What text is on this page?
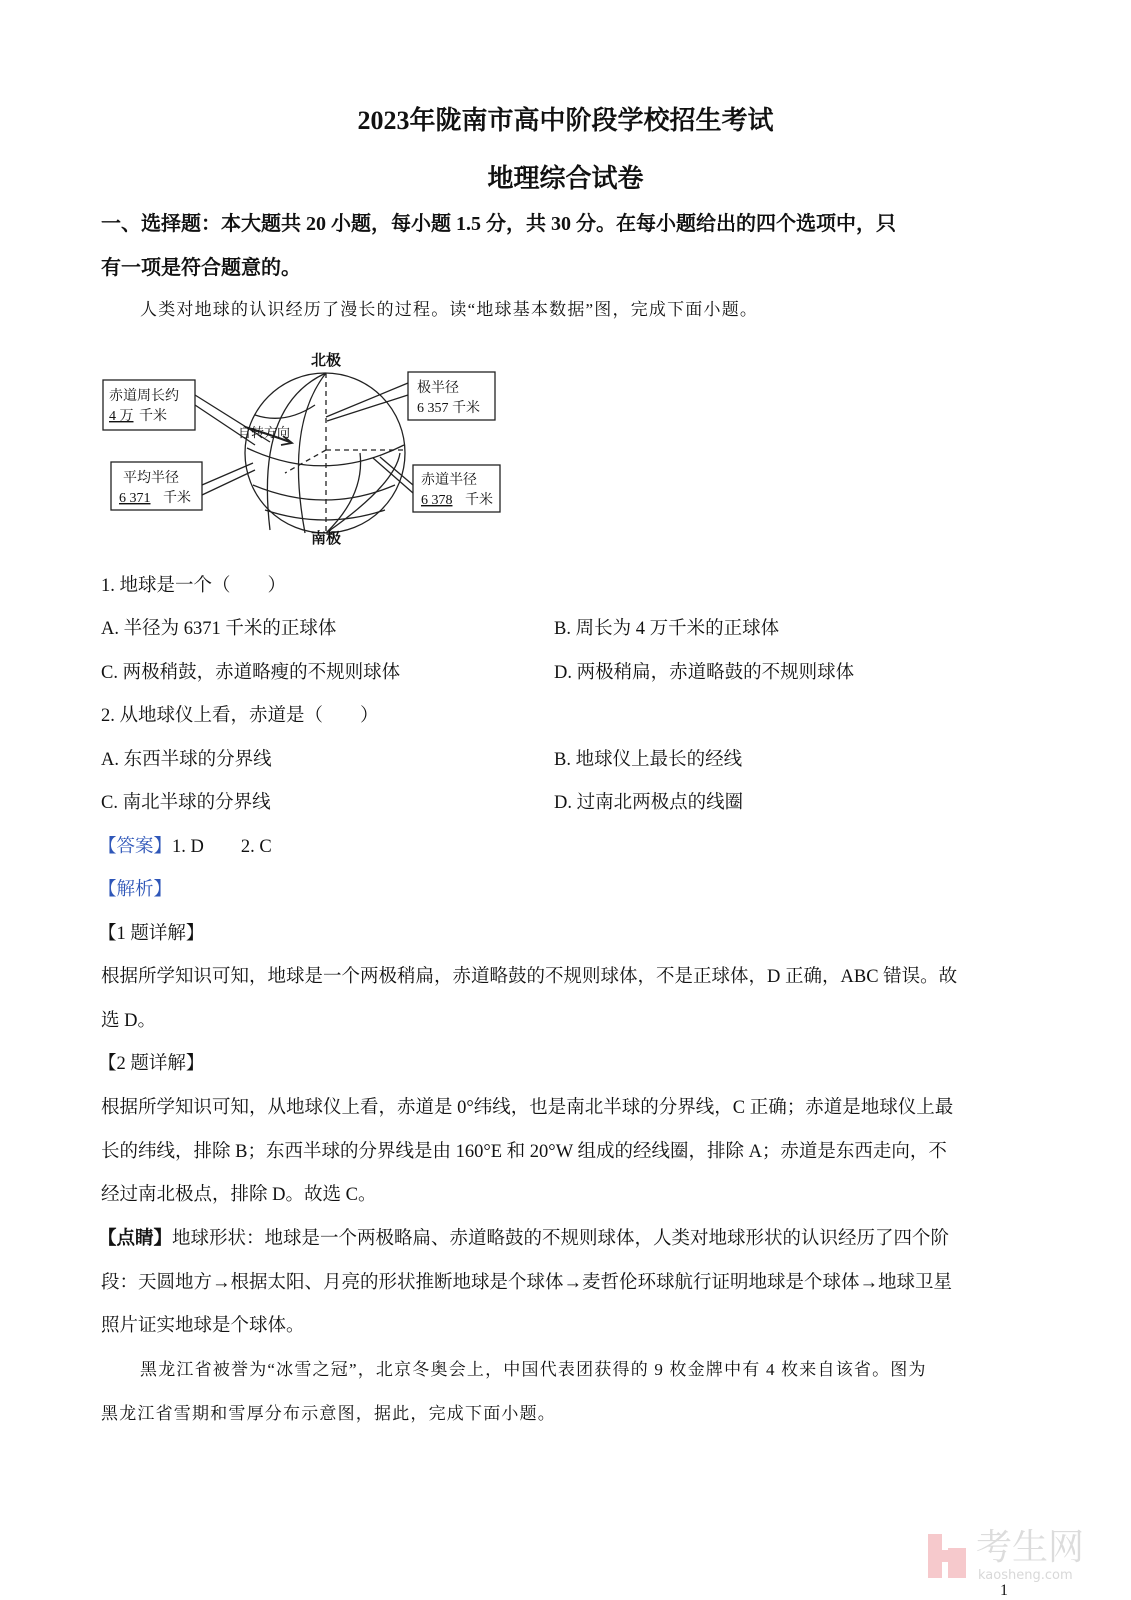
2023年陇南市高中阶段学校招生考试
地理综合试卷
一、选择题：本大题共 20 小题，每小题 1.5 分，共 30 分。在每小题给出的四个选项中，只
有一项是符合题意的。
人类对地球的认识经历了漫长的过程。读“地球基本数据”图，完成下面小题。
北极
南极
自转方向
赤道周长约
4 万 千米
平均半径
6 371 千米
极半径
6 357 千米
赤道半径
6 378 千米
1. 地球是一个（　　）
A. 半径为 6371 千米的正球体	B. 周长为 4 万千米的正球体
C. 两极稍鼓，赤道略瘦的不规则球体	D. 两极稍扁，赤道略鼓的不规则球体
2. 从地球仪上看，赤道是（　　）
A. 东西半球的分界线	B. 地球仪上最长的经线
C. 南北半球的分界线	D. 过南北两极点的线圈
【答案】1. D　　2. C
【解析】
【1 题详解】
根据所学知识可知，地球是一个两极稍扁，赤道略鼓的不规则球体，不是正球体，D 正确，ABC 错误。故
选 D。
【2 题详解】
根据所学知识可知，从地球仪上看，赤道是 0°纬线，也是南北半球的分界线，C 正确；赤道是地球仪上最
长的纬线，排除 B；东西半球的分界线是由 160°E 和 20°W 组成的经线圈，排除 A；赤道是东西走向，不
经过南北极点，排除 D。故选 C。
【点睛】地球形状：地球是一个两极略扁、赤道略鼓的不规则球体，人类对地球形状的认识经历了四个阶
段：天圆地方→根据太阳、月亮的形状推断地球是个球体→麦哲伦环球航行证明地球是个球体→地球卫星
照片证实地球是个球体。
黑龙江省被誉为“冰雪之冠”，北京冬奥会上，中国代表团获得的 9 枚金牌中有 4 枚来自该省。图为
黑龙江省雪期和雪厚分布示意图，据此，完成下面小题。
考生网
kaosheng.com
1
